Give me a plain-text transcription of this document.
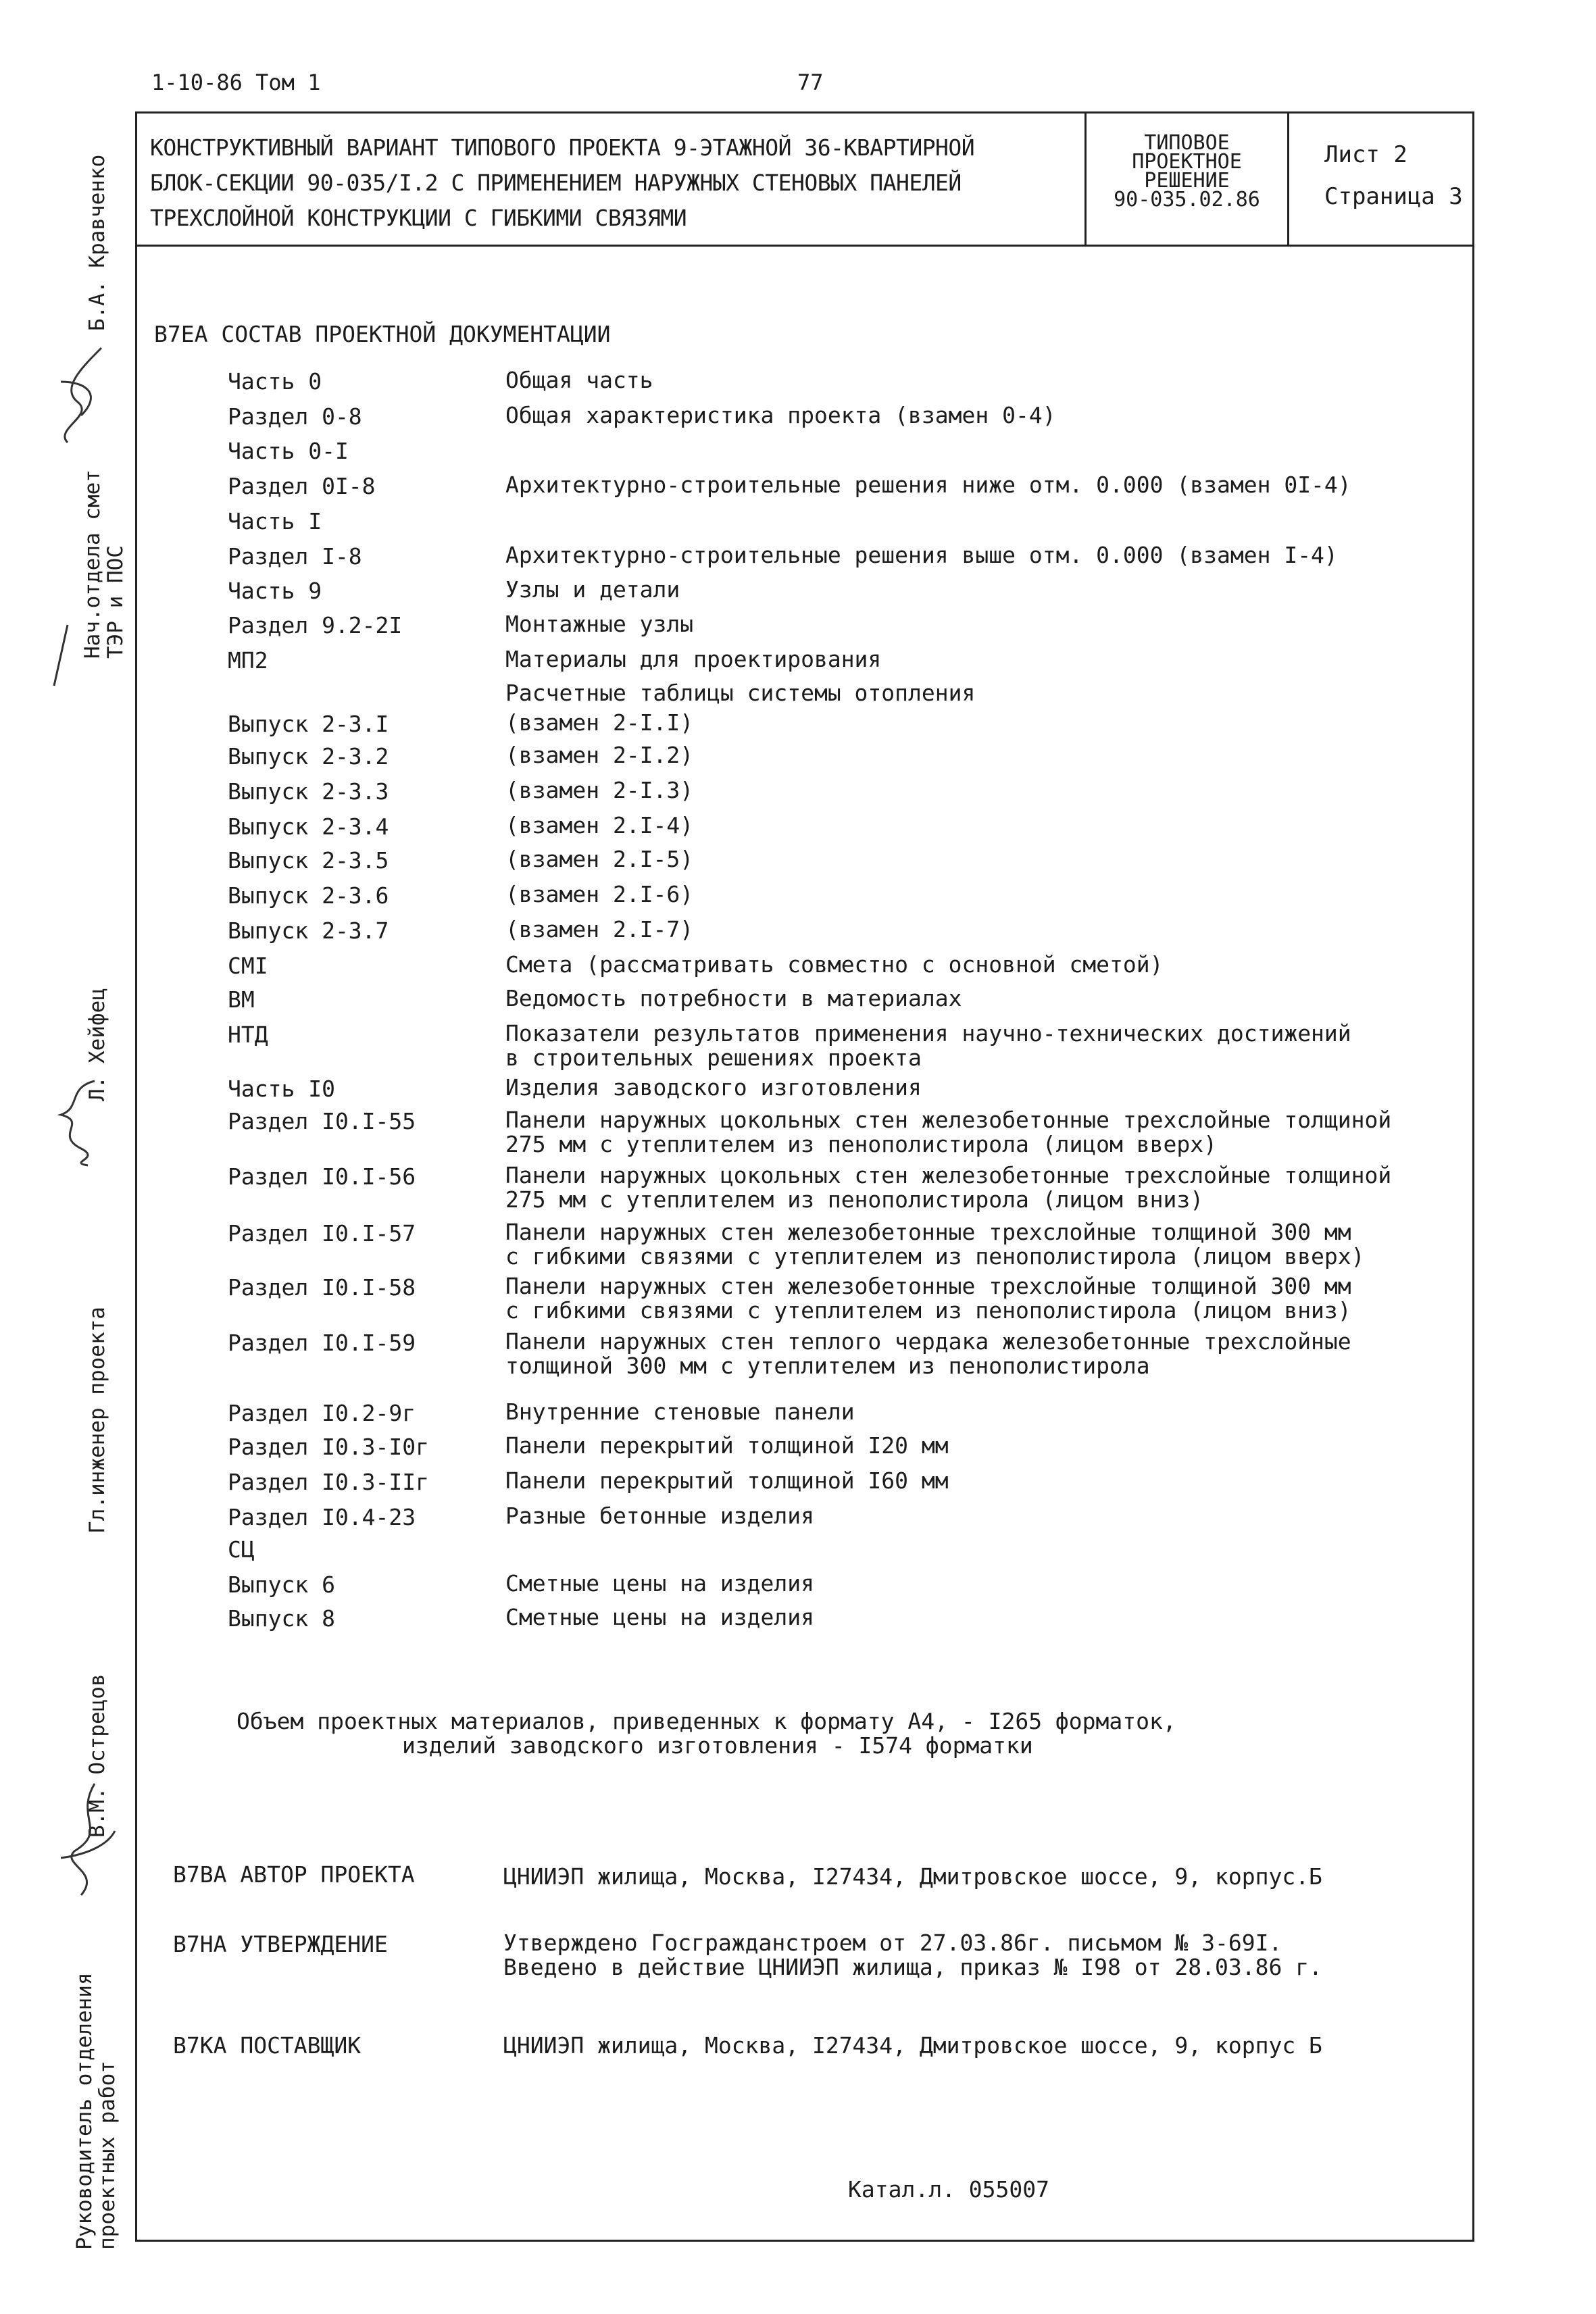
1-10-86 Том 1	77
КОНСТРУКТИВНЫЙ ВАРИАНТ ТИПОВОГО ПРОЕКТА 9-ЭТАЖНОЙ 36-КВАРТИРНОЙ
БЛОК-СЕКЦИИ 90-035/I.2 С ПРИМЕНЕНИЕМ НАРУЖНЫХ СТЕНОВЫХ ПАНЕЛЕЙ
ТРЕХСЛОЙНОЙ КОНСТРУКЦИИ С ГИБКИМИ СВЯЗЯМИ
ТИПОВОЕ
ПРОЕКТНОЕ
РЕШЕНИЕ
90-035.02.86
Лист 2
Страница 3
В7ЕА СОСТАВ ПРОЕКТНОЙ ДОКУМЕНТАЦИИ
Часть 0	Общая часть
Раздел 0-8	Общая характеристика проекта (взамен 0-4)
Часть 0-I
Раздел 0I-8	Архитектурно-строительные решения ниже отм. 0.000 (взамен 0I-4)
Часть I
Раздел I-8	Архитектурно-строительные решения выше отм. 0.000 (взамен I-4)
Часть 9	Узлы и детали
Раздел 9.2-2I	Монтажные узлы
МП2	Материалы для проектирования
Расчетные таблицы системы отопления
Выпуск 2-3.I	(взамен 2-I.I)
Выпуск 2-3.2	(взамен 2-I.2)
Выпуск 2-3.3	(взамен 2-I.3)
Выпуск 2-3.4	(взамен 2.I-4)
Выпуск 2-3.5	(взамен 2.I-5)
Выпуск 2-3.6	(взамен 2.I-6)
Выпуск 2-3.7	(взамен 2.I-7)
СМI	Смета (рассматривать совместно с основной сметой)
ВМ	Ведомость потребности в материалах
НТД	Показатели результатов применения научно-технических достижений
в строительных решениях проекта
Часть I0	Изделия заводского изготовления
Раздел I0.I-55	Панели наружных цокольных стен железобетонные трехслойные толщиной
275 мм с утеплителем из пенополистирола (лицом вверх)
Раздел I0.I-56	Панели наружных цокольных стен железобетонные трехслойные толщиной
275 мм с утеплителем из пенополистирола (лицом вниз)
Раздел I0.I-57	Панели наружных стен железобетонные трехслойные толщиной 300 мм
с гибкими связями с утеплителем из пенополистирола (лицом вверх)
Раздел I0.I-58	Панели наружных стен железобетонные трехслойные толщиной 300 мм
с гибкими связями с утеплителем из пенополистирола (лицом вниз)
Раздел I0.I-59	Панели наружных стен теплого чердака железобетонные трехслойные
толщиной 300 мм с утеплителем из пенополистирола
Раздел I0.2-9г	Внутренние стеновые панели
Раздел I0.3-I0г	Панели перекрытий толщиной I20 мм
Раздел I0.3-IIг	Панели перекрытий толщиной I60 мм
Раздел I0.4-23	Разные бетонные изделия
СЦ
Выпуск 6	Сметные цены на изделия
Выпуск 8	Сметные цены на изделия
Объем проектных материалов, приведенных к формату А4, - I265 форматок,
изделий заводского изготовления - I574 форматки
В7ВА АВТОР ПРОЕКТА	ЦНИИЭП жилища, Москва, I27434, Дмитровское шоссе, 9, корпус.Б
В7НА УТВЕРЖДЕНИЕ	Утверждено Госгражданстроем от 27.03.86г. письмом № 3-69I.
Введено в действие ЦНИИЭП жилища, приказ № I98 от 28.03.86 г.
В7КА ПОСТАВЩИК	ЦНИИЭП жилища, Москва, I27434, Дмитровское шоссе, 9, корпус Б
Катал.л. 055007
Б.А. Кравченко
Нач.отдела смет ТЭР и ПОС
Л. Хейфец
Гл.инженер проекта
В.М. Острецов
Руководитель отделения проектных работ
